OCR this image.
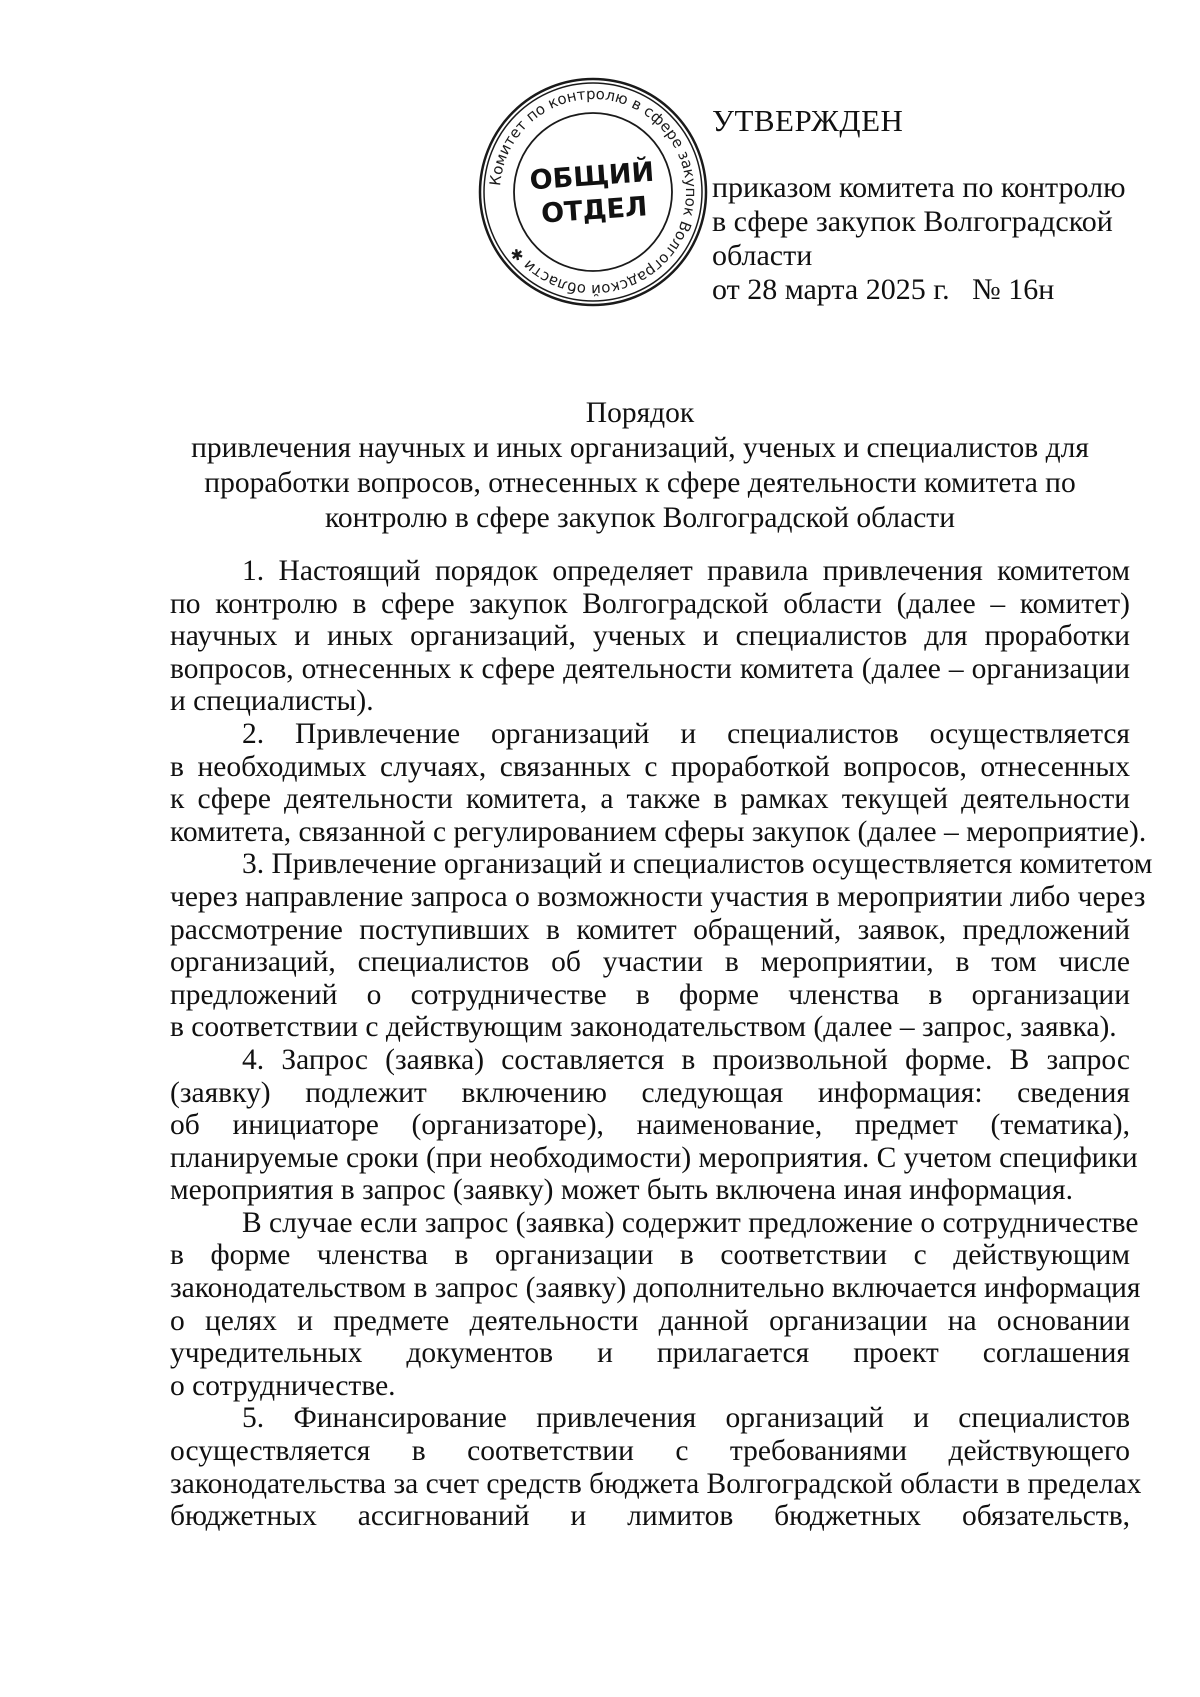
Комитет по контролю в сфере закупок Волгоградской области ✱
ОБЩИЙ
ОТДЕЛ
УТВЕРЖДЕН
приказом комитета по контролю
в сфере закупок Волгоградской
области
от 28 марта 2025 г.   № 16н
Порядок
привлечения научных и иных организаций, ученых и специалистов для
проработки вопросов, отнесенных к сфере деятельности комитета по
контролю в сфере закупок Волгоградской области
1. Настоящий порядок определяет правила привлечения комитетом
по контролю в сфере закупок Волгоградской области (далее – комитет)
научных и иных организаций, ученых и специалистов для проработки
вопросов, отнесенных к сфере деятельности комитета (далее – организации
и специалисты).
2. Привлечение организаций и специалистов осуществляется
в необходимых случаях, связанных с проработкой вопросов, отнесенных
к сфере деятельности комитета, а также в рамках текущей деятельности
комитета, связанной с регулированием сферы закупок (далее – мероприятие).
3. Привлечение организаций и специалистов осуществляется комитетом
через направление запроса о возможности участия в мероприятии либо через
рассмотрение поступивших в комитет обращений, заявок, предложений
организаций, специалистов об участии в мероприятии, в том числе
предложений о сотрудничестве в форме членства в организации
в соответствии с действующим законодательством (далее – запрос, заявка).
4. Запрос (заявка) составляется в произвольной форме. В запрос
(заявку) подлежит включению следующая информация: сведения
об инициаторе (организаторе), наименование, предмет (тематика),
планируемые сроки (при необходимости) мероприятия. С учетом специфики
мероприятия в запрос (заявку) может быть включена иная информация.
В случае если запрос (заявка) содержит предложение о сотрудничестве
в форме членства в организации в соответствии с действующим
законодательством в запрос (заявку) дополнительно включается информация
о целях и предмете деятельности данной организации на основании
учредительных документов и прилагается проект соглашения
о сотрудничестве.
5. Финансирование привлечения организаций и специалистов
осуществляется в соответствии с требованиями действующего
законодательства за счет средств бюджета Волгоградской области в пределах
бюджетных ассигнований и лимитов бюджетных обязательств,
